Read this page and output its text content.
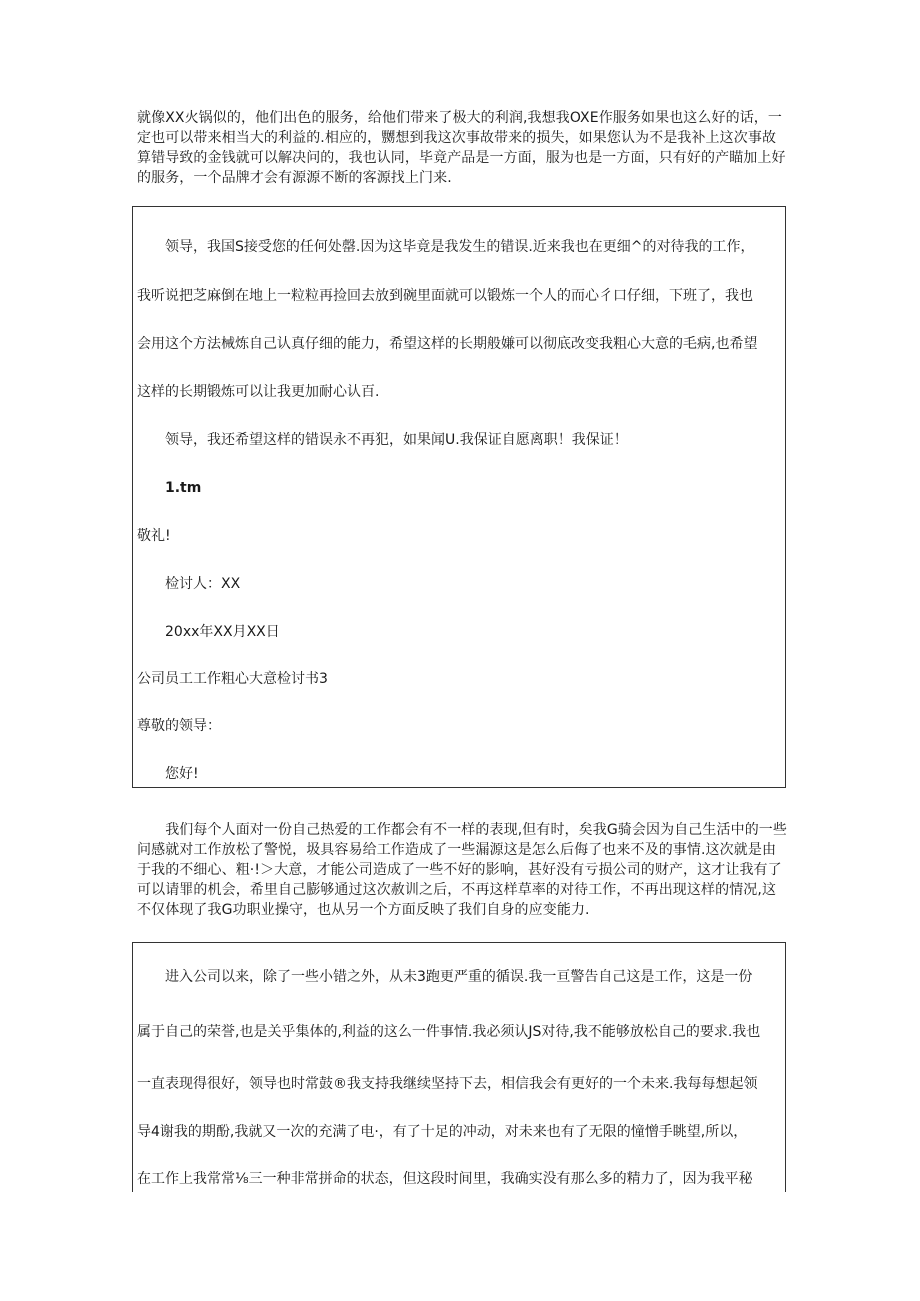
就像XX火锅似的，他们出色的服务，给他们带来了极大的利润,我想我OXE作服务如果也这么好的话，一定也可以带来相当大的利益的.相应的，嬲想到我这次事故带来的损失，如果您认为不是我补上这次事故算错导致的金钱就可以解决问的，我也认同，毕竟产品是一方面，服为也是一方面，只有好的产瞄加上好的服务，一个品牌才会有源源不断的客源找上门来.

　　领导，我国S接受您的任何处罄.因为这毕竟是我发生的错误.近来我也在更细^的对待我的工作，

我听说把芝麻倒在地上一粒粒再捡回去放到碗里面就可以锻炼一个人的而心彳口仔细，下班了，我也

会用这个方法械炼自己认真仔细的能力，希望这样的长期般嫌可以彻底改变我粗心大意的毛病,也希望

这样的长期锻炼可以让我更加耐心认百.

　　领导，我还希望这样的错误永不再犯，如果闻U.我保证自愿离职！我保证！

　　1.tm

敬礼!

　　检讨人：XX

　　20xx年XX月XX日

公司员工工作粗心大意检讨书3

尊敬的领导：

　　您好!

　　我们每个人面对一份自己热爱的工作都会有不一样的表现,但有时，矣我G骑会因为自己生活中的一些问感就对工作放松了警悦，圾具容易给工作造成了一些漏源这是怎么后侮了也来不及的事情.这次就是由于我的不细心、粗·!＞大意，才能公司造成了一些不好的影响，甚好没有亏损公司的财产，这才让我有了可以请罪的机会，希里自己膨够通过这次赦训之后，不再这样草率的对待工作，不再出现这样的情况,这不仅体现了我G功职业操守，也从另一个方面反映了我们自身的应变能力.

　　进入公司以来，除了一些小错之外，从未3跑更严重的循误.我一亘警告自己这是工作，这是一份

属于自己的荣誉,也是关乎集体的,利益的这么一件事情.我必须认JS对待,我不能够放松自己的要求.我也

一直表现得很好，领导也时常鼓®我支持我继续坚持下去，相信我会有更好的一个未来.我每每想起领

导4谢我的期酚,我就又一次的充满了电·，有了十足的冲动，对未来也有了无限的憧憎手眺望,所以，

在工作上我常常⅛三一种非常拼命的状态，但这段时间里，我确实没有那么多的精力了，因为我平秘
